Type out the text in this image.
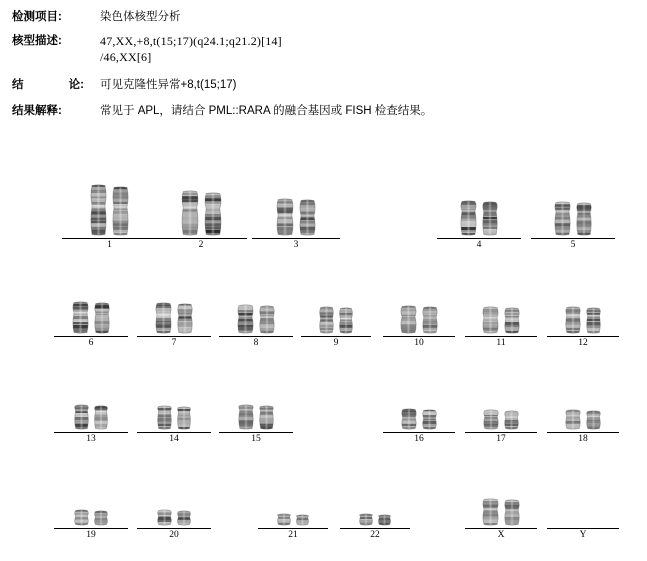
检测项目:	染色体核型分析
核型描述:	47,XX,+8,t(15;17)(q24.1;q21.2)[14]
/46,XX[6]
结	论:	可见克隆性异常+8,t(15;17)
结果解释:	常见于 APL，请结合 PML::RARA 的融合基因或 FISH 检查结果。
1	2	3	4	5
6	7	8	9	10	11	12
13	14	15	16	17	18
19	20	21	22	X	Y
